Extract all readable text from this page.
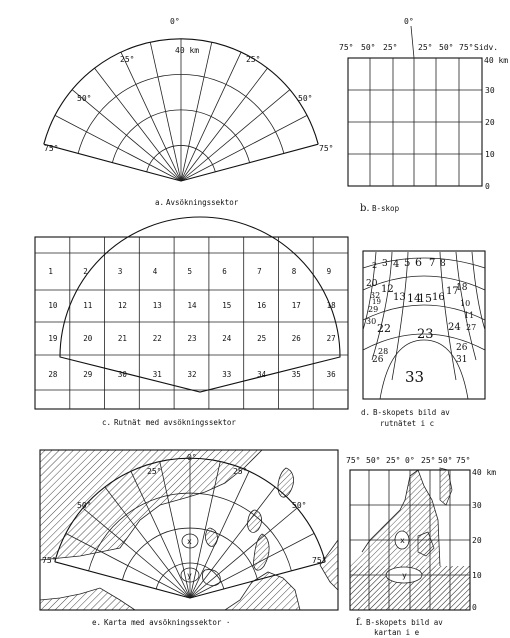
0°
40 km
25°	25°
50°	50°
75°	75°
a. Avsökningssektor
0°
75° 50° 25°	25° 50° 75° Sidv.
40 km
30
20
10
0
b. B-skop
1	2	3	4	5	6	7	8	9
10	11	12	13	14	15	16	17	18
19	20	21	22	23	24	25	26	27
28	29	30	31	32	33	34	35	36
c. Rutnät med avsökningssektor
2 3 4 5 6 7 8
20 12
13 14
15 16
17
18
30
22 23 24
26	31
33
32
19
29
10
11
28	26
27
d. B-skopets bild av
rutnätet i c
0°
25°	25°
50°	50°
75°	75°
x
y
e. Karta med avsökningssektor ·
75° 50° 25° 0° 25° 50° 75°
40 km
30
20
10
0
x
y
f. B-skopets bild av
kartan i e
